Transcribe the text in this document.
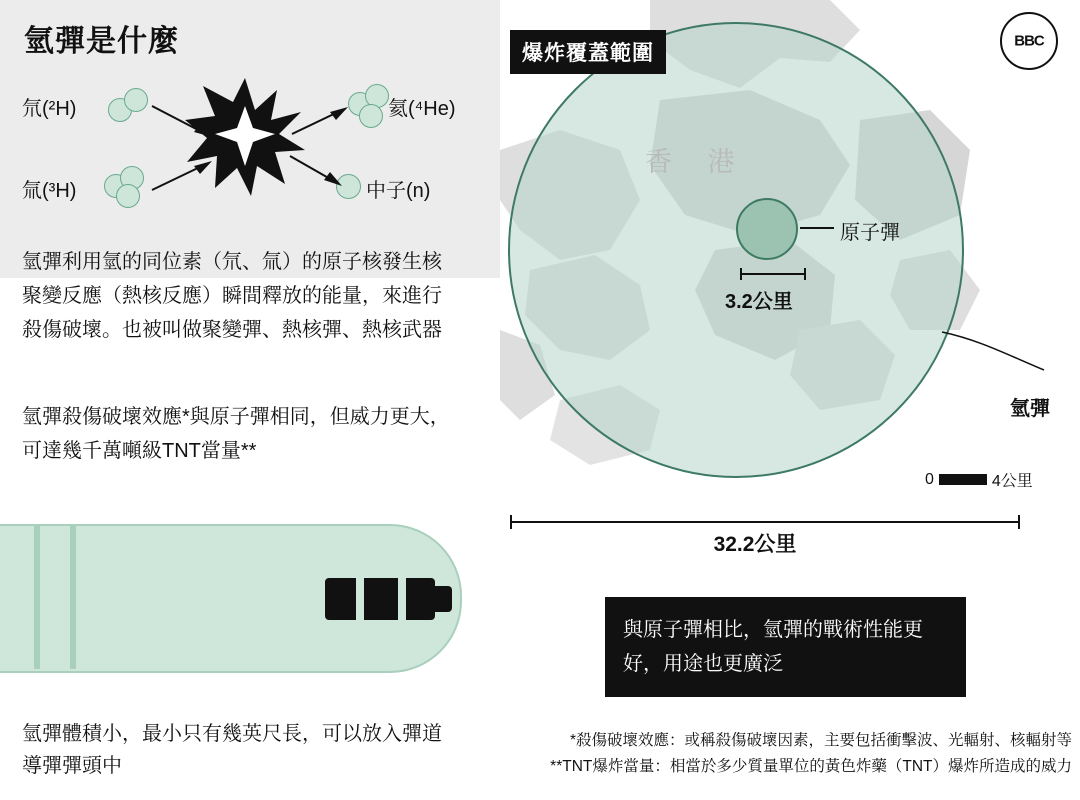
氫彈是什麼
氘(²H)
氚(³H)
氦(⁴He)
中子(n)
氫彈利用氫的同位素（氘、氚）的原子核發生核聚變反應（熱核反應）瞬間釋放的能量，來進行殺傷破壞。也被叫做聚變彈、熱核彈、熱核武器
氫彈殺傷破壞效應*與原子彈相同，但威力更大，可達幾千萬噸級TNT當量**
氫彈體積小，最小只有幾英尺長，可以放入彈道導彈彈頭中
香 港
原子彈
3.2公里
氫彈
0	4公里
爆炸覆蓋範圍
32.2公里
與原子彈相比，氫彈的戰術性能更好，用途也更廣泛
*殺傷破壞效應：或稱殺傷破壞因素，主要包括衝擊波、光輻射、核輻射等
**TNT爆炸當量：相當於多少質量單位的黃色炸藥（TNT）爆炸所造成的威力
BBC
